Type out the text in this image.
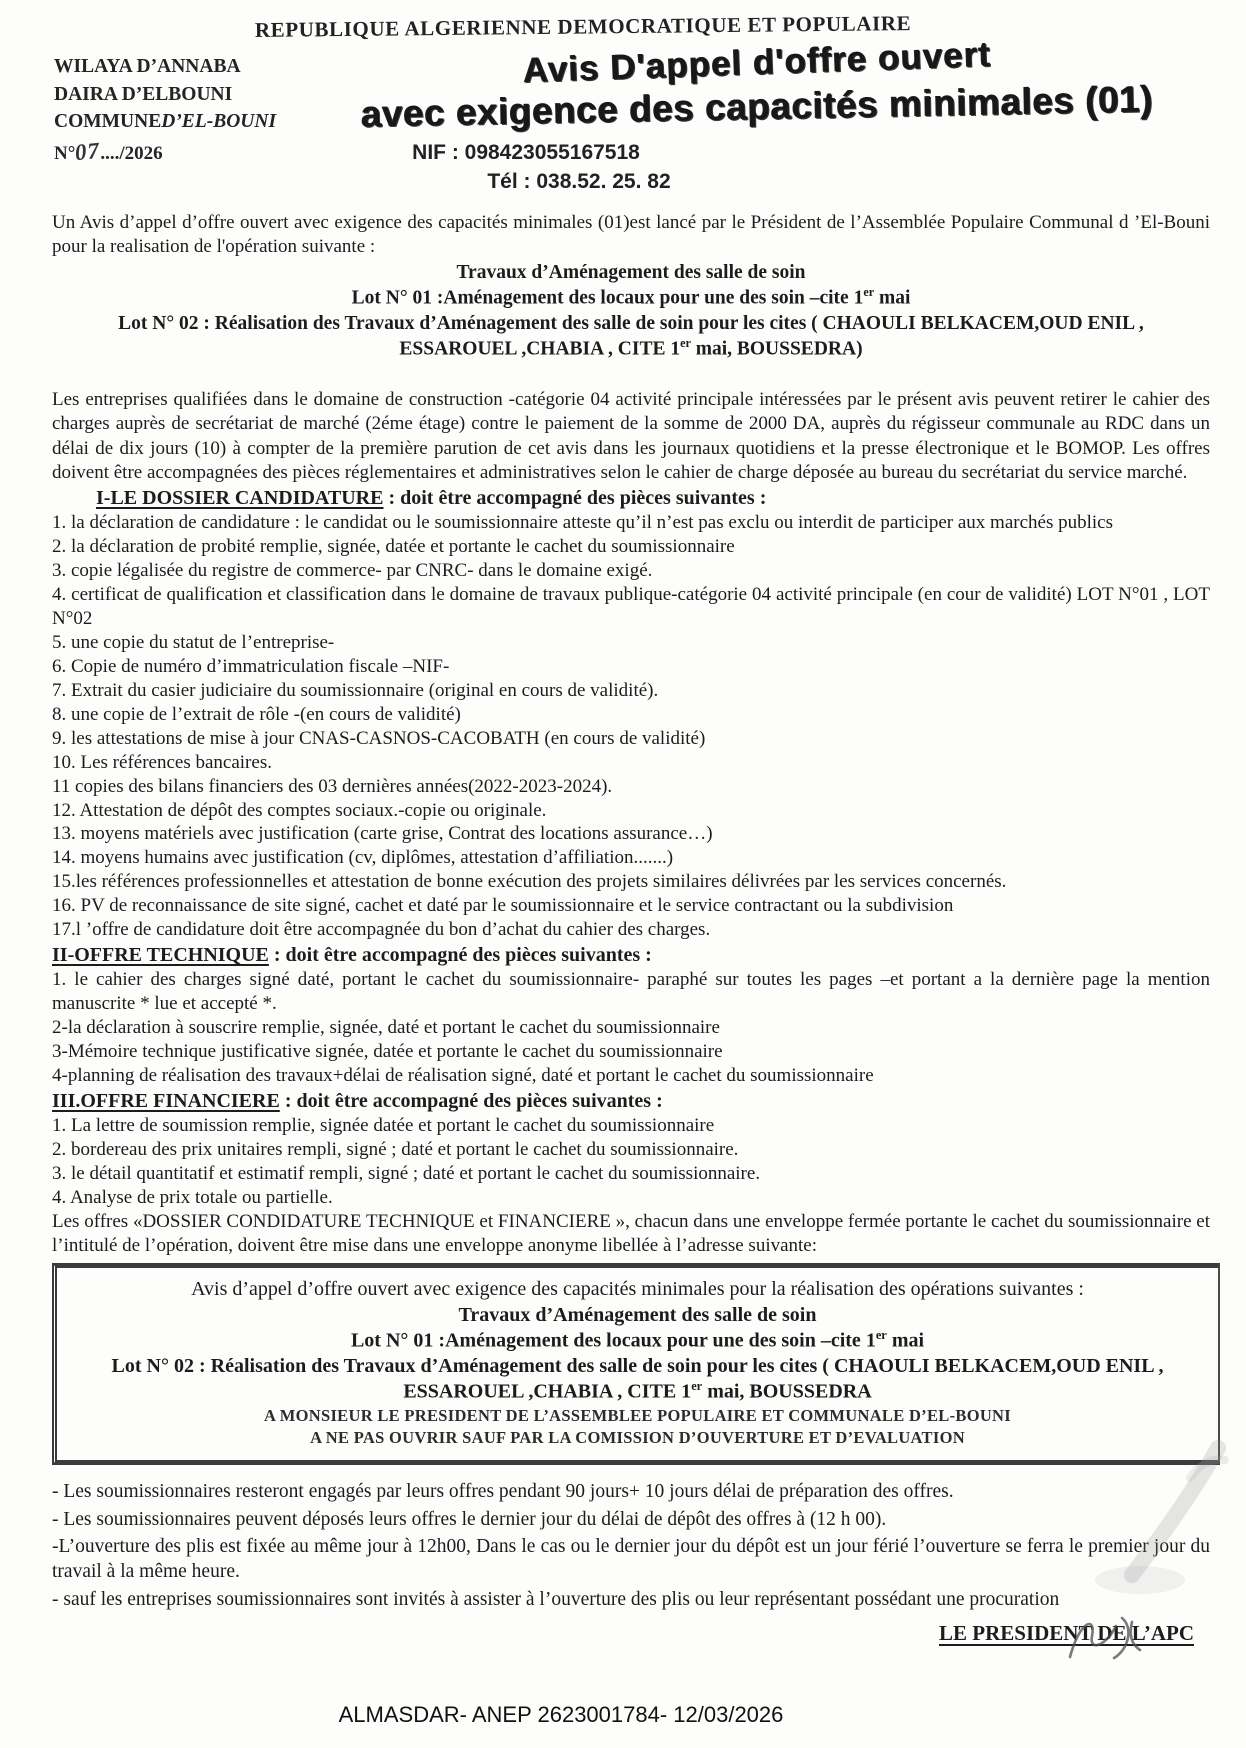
REPUBLIQUE ALGERIENNE DEMOCRATIQUE ET POPULAIRE
WILAYA D’ANNABA
DAIRA D’ELBOUNI
COMMUNED’EL-BOUNI
N°07..../2026
Avis D'appel d'offre ouvert
avec exigence des capacités minimales (01)
NIF : 098423055167518
Tél : 038.52. 25. 82
Un Avis d’appel d’offre ouvert avec exigence des capacités minimales (01)est lancé par le Président de l’Assemblée Populaire Communal d ’El-Bouni pour la realisation de l'opération suivante :
Travaux d’Aménagement des salle de soin
Lot N° 01 :Aménagement des locaux pour une des soin –cite 1er mai
Lot N° 02 : Réalisation des Travaux d’Aménagement des salle de soin pour les cites ( CHAOULI BELKACEM,OUD ENIL ,
ESSAROUEL ,CHABIA , CITE 1er mai, BOUSSEDRA)
Les entreprises qualifiées dans le domaine de construction -catégorie 04 activité principale intéressées par le présent avis peuvent retirer le cahier des charges auprès de secrétariat de marché (2éme étage) contre le paiement de la somme de 2000 DA, auprès du régisseur communale au RDC dans un délai de dix jours (10) à compter de la première parution de cet avis dans les journaux quotidiens et la presse électronique et le BOMOP. Les offres doivent être accompagnées des pièces réglementaires et administratives selon le cahier de charge déposée au bureau du secrétariat du service marché.
I-LE DOSSIER CANDIDATURE : doit être accompagné des pièces suivantes :
1. la déclaration de candidature : le candidat ou le soumissionnaire atteste qu’il n’est pas exclu ou interdit de participer aux marchés publics
2. la déclaration de probité remplie, signée, datée et portante le cachet du soumissionnaire
3. copie légalisée du registre de commerce- par CNRC- dans le domaine exigé.
4. certificat de qualification et classification dans le domaine de travaux publique-catégorie 04 activité principale (en cour de validité) LOT N°01 , LOT N°02
5. une copie du statut de l’entreprise-
6. Copie de numéro d’immatriculation fiscale –NIF-
7. Extrait du casier judiciaire du soumissionnaire (original en cours de validité).
8. une copie de l’extrait de rôle -(en cours de validité)
9. les attestations de mise à jour CNAS-CASNOS-CACOBATH (en cours de validité)
10. Les références bancaires.
11 copies des bilans financiers des 03 dernières années(2022-2023-2024).
12. Attestation de dépôt des comptes sociaux.-copie ou originale.
13. moyens matériels avec justification (carte grise, Contrat des locations assurance…)
14. moyens humains avec justification (cv, diplômes, attestation d’affiliation.......)
15.les références professionnelles et attestation de bonne exécution des projets similaires délivrées par les services concernés.
16. PV de reconnaissance de site signé, cachet et daté par le soumissionnaire et le service contractant ou la subdivision
17.l ’offre de candidature doit être accompagnée du bon d’achat du cahier des charges.
II-OFFRE TECHNIQUE : doit être accompagné des pièces suivantes :
1. le cahier des charges signé daté, portant le cachet du soumissionnaire- paraphé sur toutes les pages –et portant a la dernière page la mention manuscrite * lue et accepté *.
2-la déclaration à souscrire remplie, signée, daté et portant le cachet du soumissionnaire
3-Mémoire technique justificative signée, datée et portante le cachet du soumissionnaire
4-planning de réalisation des travaux+délai de réalisation signé, daté et portant le cachet du soumissionnaire
III.OFFRE FINANCIERE : doit être accompagné des pièces suivantes :
1. La lettre de soumission remplie, signée datée et portant le cachet du soumissionnaire
2. bordereau des prix unitaires rempli, signé ; daté et portant le cachet du soumissionnaire.
3. le détail quantitatif et estimatif rempli, signé ; daté et portant le cachet du soumissionnaire.
4. Analyse de prix totale ou partielle.
Les offres «DOSSIER CONDIDATURE TECHNIQUE et FINANCIERE », chacun dans une enveloppe fermée portante le cachet du soumissionnaire et l’intitulé de l’opération, doivent être mise dans une enveloppe anonyme libellée à l’adresse suivante:
Avis d’appel d’offre ouvert avec exigence des capacités minimales pour la réalisation des opérations suivantes :
Travaux d’Aménagement des salle de soin
Lot N° 01 :Aménagement des locaux pour une des soin –cite 1er mai
Lot N° 02 : Réalisation des Travaux d’Aménagement des salle de soin pour les cites ( CHAOULI BELKACEM,OUD ENIL ,
ESSAROUEL ,CHABIA , CITE 1er mai, BOUSSEDRA
A MONSIEUR LE PRESIDENT DE L’ASSEMBLEE POPULAIRE ET COMMUNALE D’EL-BOUNI
A NE PAS OUVRIR SAUF PAR LA COMISSION D’OUVERTURE ET D’EVALUATION
- Les soumissionnaires resteront engagés par leurs offres pendant 90 jours+ 10 jours délai de préparation des offres.
- Les soumissionnaires peuvent déposés leurs offres le dernier jour du délai de dépôt des offres à (12 h 00).
-L’ouverture des plis est fixée au même jour à 12h00, Dans le cas ou le dernier jour du dépôt est un jour férié l’ouverture se ferra le premier jour du travail à la même heure.
- sauf les entreprises soumissionnaires sont invités à assister à l’ouverture des plis ou leur représentant possédant une procuration
LE PRESIDENT DE L’APC
ALMASDAR- ANEP 2623001784- 12/03/2026
